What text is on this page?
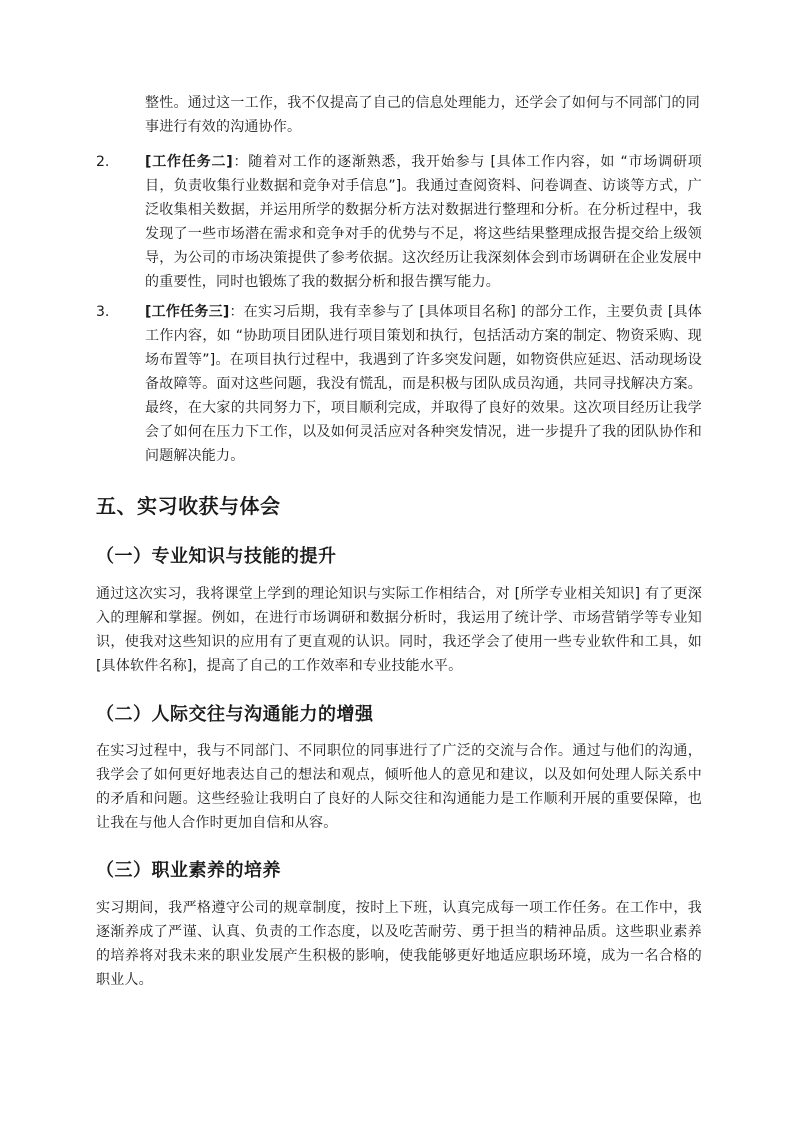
整性。通过这一工作，我不仅提高了自己的信息处理能力，还学会了如何与不同部门的同事进行有效的沟通协作。

2.	[工作任务二]：随着对工作的逐渐熟悉，我开始参与 [具体工作内容，如 “市场调研项目，负责收集行业数据和竞争对手信息”]。我通过查阅资料、问卷调查、访谈等方式，广泛收集相关数据，并运用所学的数据分析方法对数据进行整理和分析。在分析过程中，我发现了一些市场潜在需求和竞争对手的优势与不足，将这些结果整理成报告提交给上级领导，为公司的市场决策提供了参考依据。这次经历让我深刻体会到市场调研在企业发展中的重要性，同时也锻炼了我的数据分析和报告撰写能力。

3.	[工作任务三]：在实习后期，我有幸参与了 [具体项目名称] 的部分工作，主要负责 [具体工作内容，如 “协助项目团队进行项目策划和执行，包括活动方案的制定、物资采购、现场布置等”]。在项目执行过程中，我遇到了许多突发问题，如物资供应延迟、活动现场设备故障等。面对这些问题，我没有慌乱，而是积极与团队成员沟通，共同寻找解决方案。最终，在大家的共同努力下，项目顺利完成，并取得了良好的效果。这次项目经历让我学会了如何在压力下工作，以及如何灵活应对各种突发情况，进一步提升了我的团队协作和问题解决能力。

五、实习收获与体会
（一）专业知识与技能的提升

通过这次实习，我将课堂上学到的理论知识与实际工作相结合，对 [所学专业相关知识] 有了更深入的理解和掌握。例如，在进行市场调研和数据分析时，我运用了统计学、市场营销学等专业知识，使我对这些知识的应用有了更直观的认识。同时，我还学会了使用一些专业软件和工具，如 [具体软件名称]，提高了自己的工作效率和专业技能水平。

（二）人际交往与沟通能力的增强

在实习过程中，我与不同部门、不同职位的同事进行了广泛的交流与合作。通过与他们的沟通，我学会了如何更好地表达自己的想法和观点，倾听他人的意见和建议，以及如何处理人际关系中的矛盾和问题。这些经验让我明白了良好的人际交往和沟通能力是工作顺利开展的重要保障，也让我在与他人合作时更加自信和从容。

（三）职业素养的培养

实习期间，我严格遵守公司的规章制度，按时上下班，认真完成每一项工作任务。在工作中，我逐渐养成了严谨、认真、负责的工作态度，以及吃苦耐劳、勇于担当的精神品质。这些职业素养的培养将对我未来的职业发展产生积极的影响，使我能够更好地适应职场环境，成为一名合格的职业人。
